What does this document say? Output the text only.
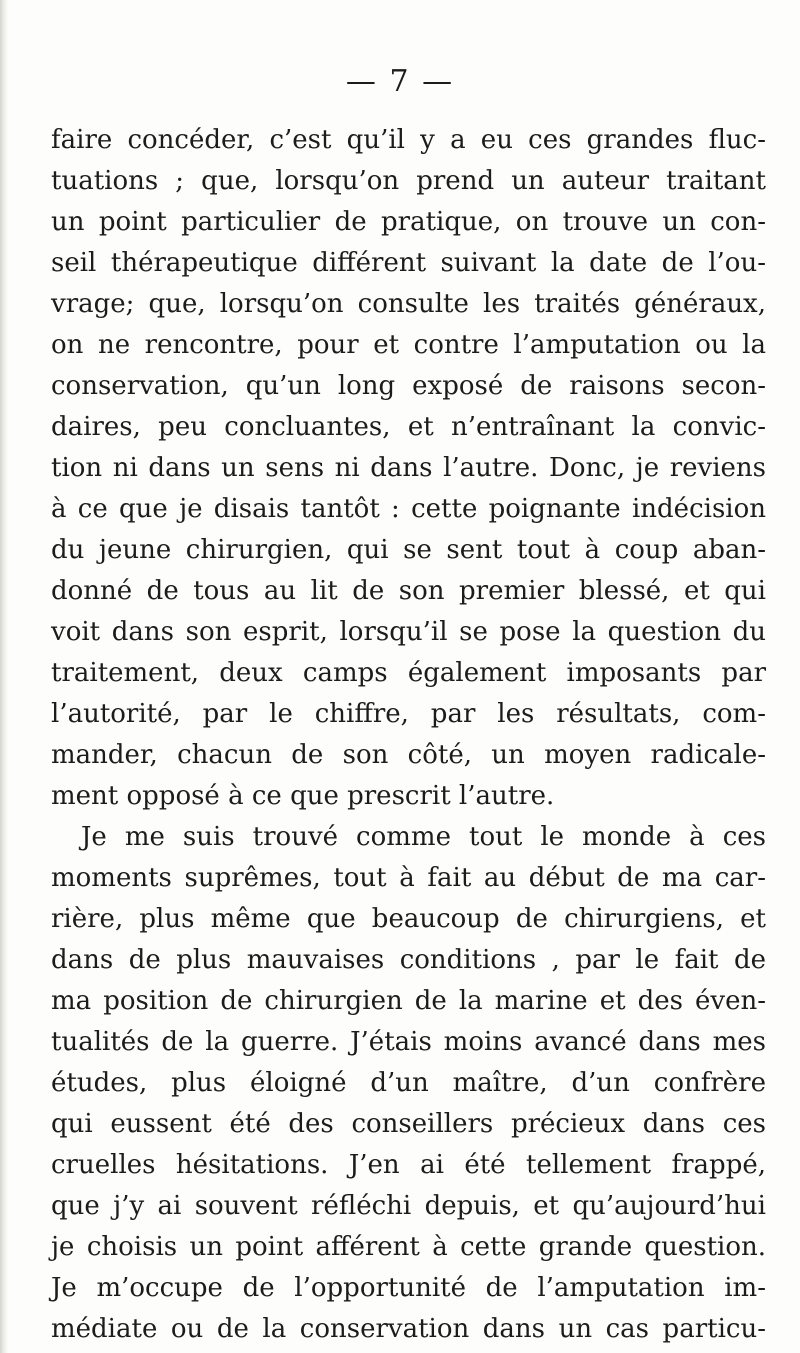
— 7 —
faire concéder, c’est qu’il y a eu ces grandes fluc-
tuations ; que, lorsqu’on prend un auteur traitant
un point particulier de pratique, on trouve un con-
seil thérapeutique différent suivant la date de l’ou-
vrage; que, lorsqu’on consulte les traités généraux,
on ne rencontre, pour et contre l’amputation ou la
conservation, qu’un long exposé de raisons secon-
daires, peu concluantes, et n’entraînant la convic-
tion ni dans un sens ni dans l’autre. Donc, je reviens
à ce que je disais tantôt : cette poignante indécision
du jeune chirurgien, qui se sent tout à coup aban-
donné de tous au lit de son premier blessé, et qui
voit dans son esprit, lorsqu’il se pose la question du
traitement, deux camps également imposants par
l’autorité, par le chiffre, par les résultats, com-
mander, chacun de son côté, un moyen radicale-
ment opposé à ce que prescrit l’autre.
Je me suis trouvé comme tout le monde à ces
moments suprêmes, tout à fait au début de ma car-
rière, plus même que beaucoup de chirurgiens, et
dans de plus mauvaises conditions , par le fait de
ma position de chirurgien de la marine et des éven-
tualités de la guerre. J’étais moins avancé dans mes
études, plus éloigné d’un maître, d’un confrère
qui eussent été des conseillers précieux dans ces
cruelles hésitations. J’en ai été tellement frappé,
que j’y ai souvent réfléchi depuis, et qu’aujourd’hui
je choisis un point afférent à cette grande question.
Je m’occupe de l’opportunité de l’amputation im-
médiate ou de la conservation dans un cas particu-
